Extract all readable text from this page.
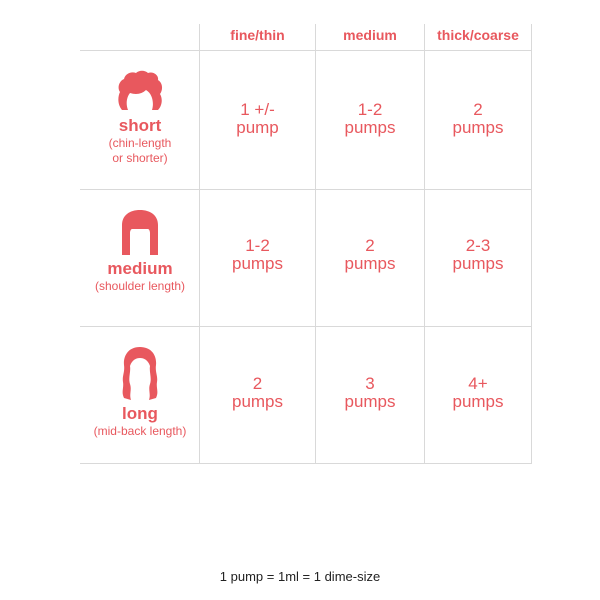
fine/thin	medium	thick/coarse
short
(chin-length
or shorter)
1 +/-
pump
1-2
pumps
2
pumps
medium
(shoulder length)
1-2
pumps
2
pumps
2-3
pumps
long
(mid-back length)
2
pumps
3
pumps
4+
pumps
1 pump = 1ml = 1 dime-size
